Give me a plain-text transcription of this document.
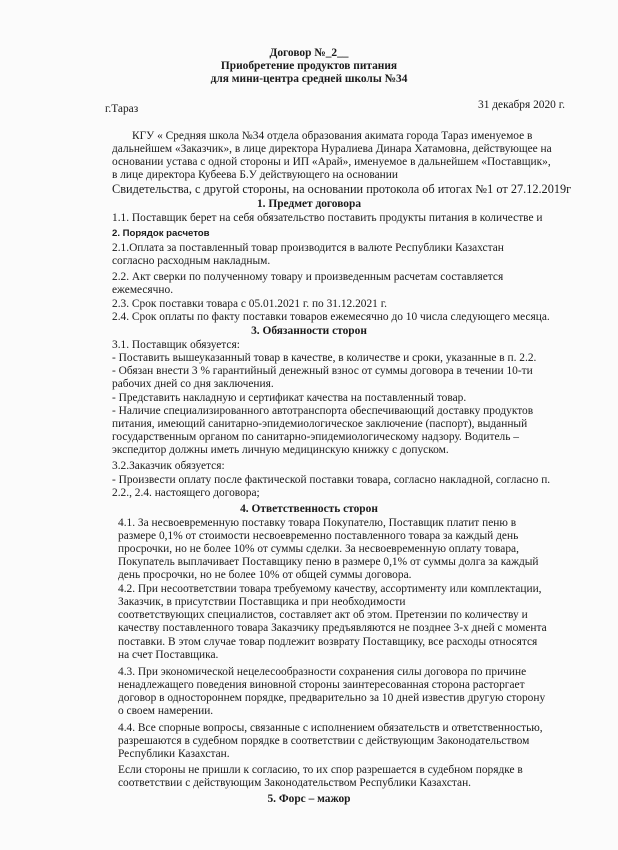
Договор №_2__
Приобретение продуктов питания
для мини-центра средней школы №34
г.Тараз	31 декабря 2020 г.
КГУ « Средняя школа №34 отдела образования акимата города Тараз именуемое в
дальнейшем «Заказчик», в лице директора Нуралиева Динара Хатамовна, действующее на
основании устава с одной стороны и ИП «Арай», именуемое в дальнейшем «Поставщик»,
в лице директора Кубеева Б.У действующего на основании
Свидетельства, с другой стороны, на основании протокола об итогах №1 от 27.12.2019г
1. Предмет договора
1.1. Поставщик берет на себя обязательство поставить продукты питания в количестве и
2. Порядок расчетов
2.1.Оплата за поставленный товар производится в валюте Республики Казахстан
согласно расходным накладным.
2.2. Акт сверки по полученному товару и произведенным расчетам составляется
ежемесячно.
2.3. Срок поставки товара с 05.01.2021 г. по 31.12.2021 г.
2.4. Срок оплаты по факту поставки товаров ежемесячно до 10 числа следующего месяца.
3. Обязанности сторон
3.1. Поставщик обязуется:
- Поставить вышеуказанный товар в качестве, в количестве и сроки, указанные в п. 2.2.
- Обязан внести 3 % гарантийный денежный взнос от суммы договора в течении 10-ти
рабочих дней со дня заключения.
- Представить накладную и сертификат качества на поставленный товар.
- Наличие специализированного автотранспорта обеспечивающий доставку продуктов
питания, имеющий санитарно-эпидемиологическое заключение (паспорт), выданный
государственным органом по санитарно-эпидемиологическому надзору. Водитель –
экспедитор должны иметь личную медицинскую книжку с допуском.
3.2.Заказчик обязуется:
- Произвести оплату после фактической поставки товара, согласно накладной, согласно п.
2.2., 2.4. настоящего договора;
4. Ответственность сторон
4.1. За несвоевременную поставку товара Покупателю, Поставщик платит пеню в
размере 0,1% от стоимости несвоевременно поставленного товара за каждый день
просрочки, но не более 10% от суммы сделки. За несвоевременную оплату товара,
Покупатель выплачивает Поставщику пеню в размере 0,1% от суммы долга за каждый
день просрочки, но не более 10% от общей суммы договора.
4.2. При несоответствии товара требуемому качеству, ассортименту или комплектации,
Заказчик, в присутствии Поставщика и при необходимости
соответствующих специалистов, составляет акт об этом. Претензии по количеству и
качеству поставленного товара Заказчику предъявляются не позднее 3-х дней с момента
поставки. В этом случае товар подлежит возврату Поставщику, все расходы относятся
на счет Поставщика.
4.3. При экономической нецелесообразности сохранения силы договора по причине
ненадлежащего поведения виновной стороны заинтересованная сторона расторгает
договор в одностороннем порядке, предварительно за 10 дней известив другую сторону
о своем намерении.
4.4. Все спорные вопросы, связанные с исполнением обязательств и ответственностью,
разрешаются в судебном порядке в соответствии с действующим Законодательством
Республики Казахстан.
Если стороны не пришли к согласию, то их спор разрешается в судебном порядке в
соответствии с действующим Законодательством Республики Казахстан.
5. Форс – мажор
